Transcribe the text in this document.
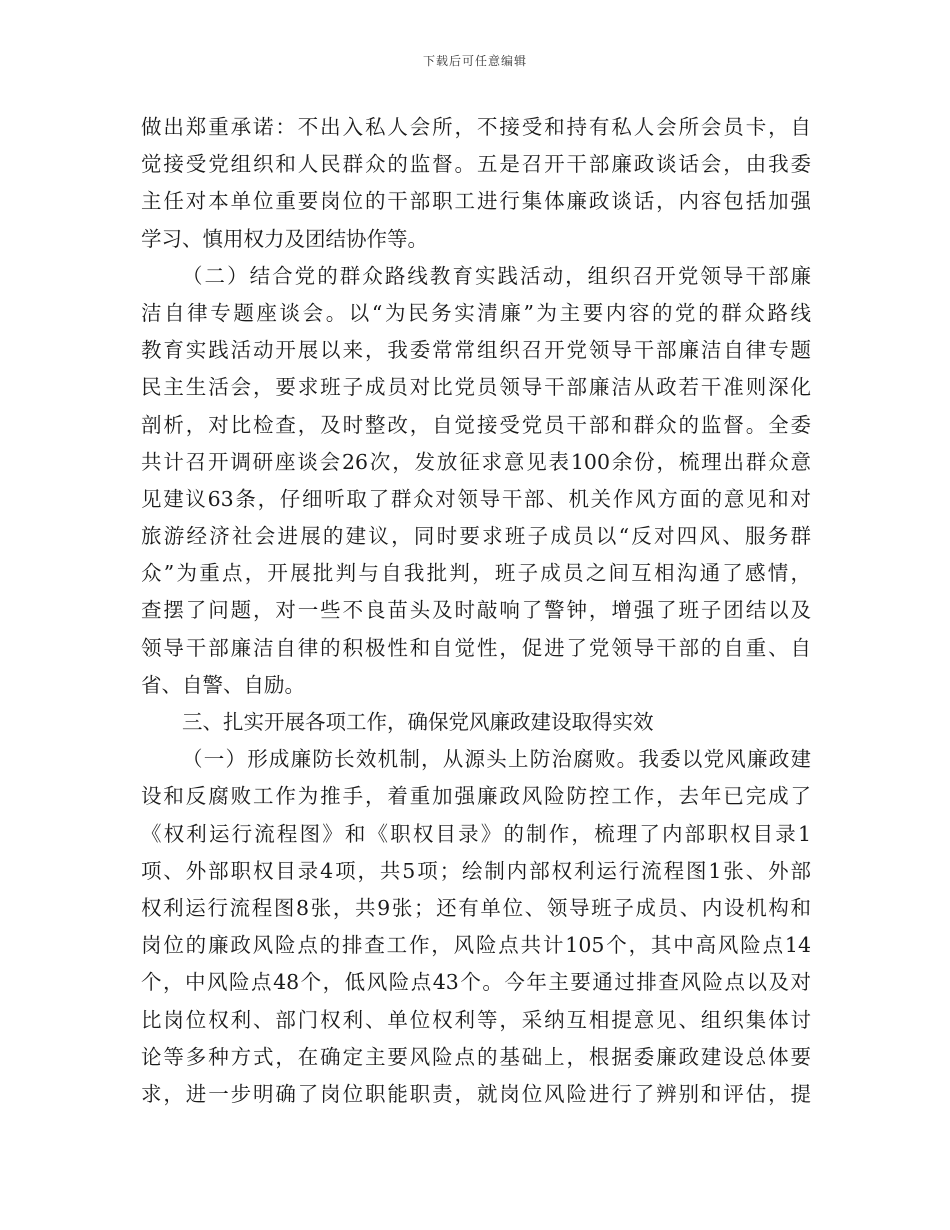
下载后可任意编辑
做出郑重承诺：不出入私人会所，不接受和持有私人会所会员卡，自
觉接受党组织和人民群众的监督。五是召开干部廉政谈话会，由我委
主任对本单位重要岗位的干部职工进行集体廉政谈话，内容包括加强
学习、慎用权力及团结协作等。
（二）结合党的群众路线教育实践活动，组织召开党领导干部廉
洁自律专题座谈会。以“为民务实清廉”为主要内容的党的群众路线
教育实践活动开展以来，我委常常组织召开党领导干部廉洁自律专题
民主生活会，要求班子成员对比党员领导干部廉洁从政若干准则深化
剖析，对比检查，及时整改，自觉接受党员干部和群众的监督。全委
共计召开调研座谈会26次，发放征求意见表100余份，梳理出群众意
见建议63条，仔细听取了群众对领导干部、机关作风方面的意见和对
旅游经济社会进展的建议，同时要求班子成员以“反对四风、服务群
众”为重点，开展批判与自我批判，班子成员之间互相沟通了感情，
查摆了问题，对一些不良苗头及时敲响了警钟，增强了班子团结以及
领导干部廉洁自律的积极性和自觉性，促进了党领导干部的自重、自
省、自警、自励。
三、扎实开展各项工作，确保党风廉政建设取得实效
（一）形成廉防长效机制，从源头上防治腐败。我委以党风廉政建
设和反腐败工作为推手，着重加强廉政风险防控工作，去年已完成了
《权利运行流程图》和《职权目录》的制作，梳理了内部职权目录1
项、外部职权目录4项，共5项；绘制内部权利运行流程图1张、外部
权利运行流程图8张，共9张；还有单位、领导班子成员、内设机构和
岗位的廉政风险点的排查工作，风险点共计105个，其中高风险点14
个，中风险点48个，低风险点43个。今年主要通过排查风险点以及对
比岗位权利、部门权利、单位权利等，采纳互相提意见、组织集体讨
论等多种方式，在确定主要风险点的基础上，根据委廉政建设总体要
求，进一步明确了岗位职能职责，就岗位风险进行了辨别和评估，提
